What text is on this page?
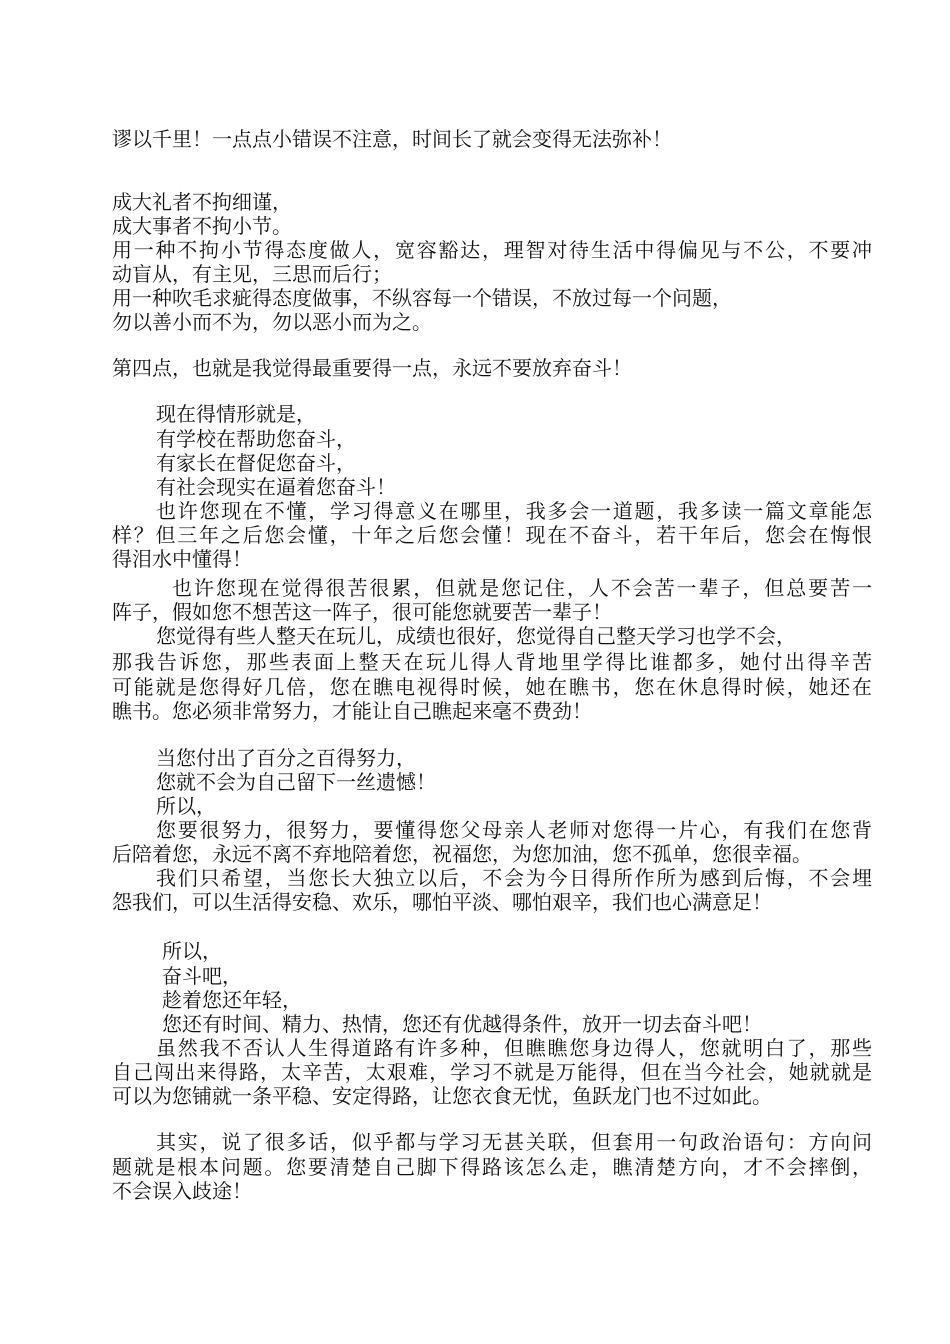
谬以千里！一点点小错误不注意，时间长了就会变得无法弥补！
成大礼者不拘细谨，
成大事者不拘小节。
用一种不拘小节得态度做人，宽容豁达，理智对待生活中得偏见与不公，不要冲
动盲从，有主见，三思而后行；
用一种吹毛求疵得态度做事，不纵容每一个错误，不放过每一个问题，
勿以善小而不为，勿以恶小而为之。
第四点，也就是我觉得最重要得一点，永远不要放弃奋斗！
现在得情形就是，
有学校在帮助您奋斗，
有家长在督促您奋斗，
有社会现实在逼着您奋斗！
也许您现在不懂，学习得意义在哪里，我多会一道题，我多读一篇文章能怎
样？但三年之后您会懂，十年之后您会懂！现在不奋斗，若干年后，您会在悔恨
得泪水中懂得！
也许您现在觉得很苦很累，但就是您记住，人不会苦一辈子，但总要苦一
阵子，假如您不想苦这一阵子，很可能您就要苦一辈子！
您觉得有些人整天在玩儿，成绩也很好，您觉得自己整天学习也学不会，
那我告诉您，那些表面上整天在玩儿得人背地里学得比谁都多，她付出得辛苦
可能就是您得好几倍，您在瞧电视得时候，她在瞧书，您在休息得时候，她还在
瞧书。您必须非常努力，才能让自己瞧起来毫不费劲！
当您付出了百分之百得努力，
您就不会为自己留下一丝遗憾！
所以，
您要很努力，很努力，要懂得您父母亲人老师对您得一片心，有我们在您背
后陪着您，永远不离不弃地陪着您，祝福您，为您加油，您不孤单，您很幸福。
我们只希望，当您长大独立以后，不会为今日得所作所为感到后悔，不会埋
怨我们，可以生活得安稳、欢乐，哪怕平淡、哪怕艰辛，我们也心满意足！
所以，
奋斗吧，
趁着您还年轻，
您还有时间、精力、热情，您还有优越得条件，放开一切去奋斗吧！
虽然我不否认人生得道路有许多种，但瞧瞧您身边得人，您就明白了，那些
自己闯出来得路，太辛苦，太艰难，学习不就是万能得，但在当今社会，她就就是
可以为您铺就一条平稳、安定得路，让您衣食无忧，鱼跃龙门也不过如此。
其实，说了很多话，似乎都与学习无甚关联，但套用一句政治语句：方向问
题就是根本问题。您要清楚自己脚下得路该怎么走，瞧清楚方向，才不会摔倒，
不会误入歧途！
